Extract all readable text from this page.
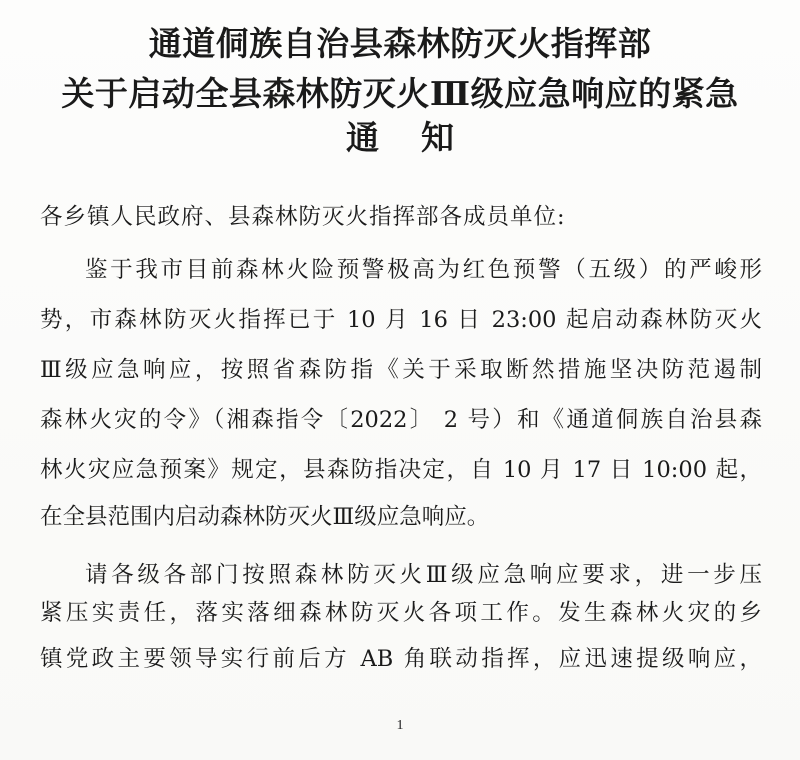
通道侗族自治县森林防灭火指挥部
关于启动全县森林防灭火Ⅲ级应急响应的紧急
通知
各乡镇人民政府、县森林防灭火指挥部各成员单位:
鉴于我市目前森林火险预警极高为红色预警（五级）的严峻形
势，市森林防灭火指挥已于 10 月 16 日 23:00 起启动森林防灭火
Ⅲ级应急响应，按照省森防指《关于采取断然措施坚决防范遏制
森林火灾的令》（湘森指令〔2022〕 2 号）和《通道侗族自治县森
林火灾应急预案》规定，县森防指决定，自 10 月 17 日 10:00 起，
在全县范围内启动森林防灭火Ⅲ级应急响应。
请各级各部门按照森林防灭火Ⅲ级应急响应要求，进一步压
紧压实责任，落实落细森林防灭火各项工作。发生森林火灾的乡
镇党政主要领导实行前后方 AB 角联动指挥，应迅速提级响应，
1
